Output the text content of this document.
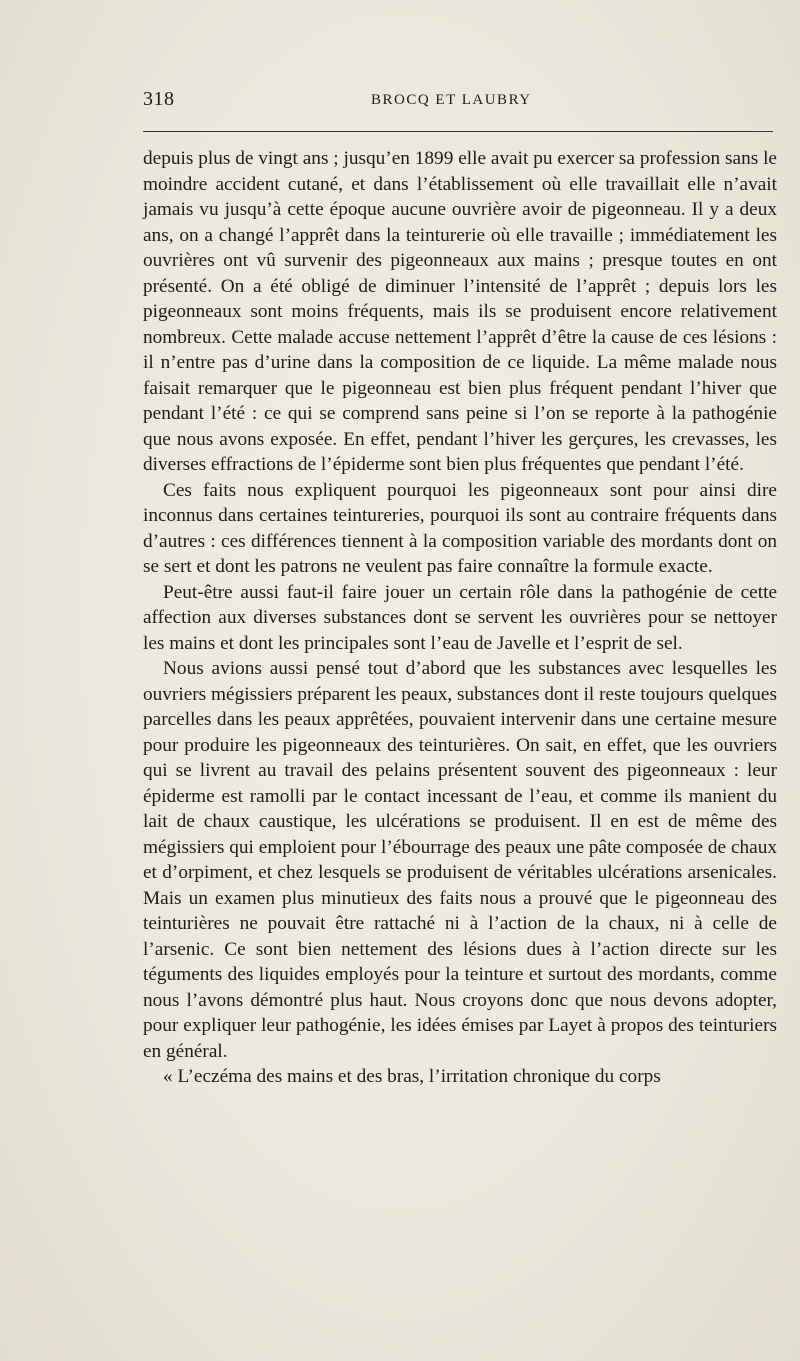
318	BROCQ ET LAUBRY

depuis plus de vingt ans ; jusqu’en 1899 elle avait pu exercer sa profession sans le moindre accident cutané, et dans l’établissement où elle travaillait elle n’avait jamais vu jusqu’à cette époque aucune ouvrière avoir de pigeonneau. Il y a deux ans, on a changé l’apprêt dans la teinturerie où elle travaille ; immédiatement les ouvrières ont vû survenir des pigeonneaux aux mains ; presque toutes en ont présenté. On a été obligé de diminuer l’intensité de l’apprêt ; depuis lors les pigeonneaux sont moins fréquents, mais ils se produisent encore relativement nombreux. Cette malade accuse nettement l’apprêt d’être la cause de ces lésions : il n’entre pas d’urine dans la composition de ce liquide. La même malade nous faisait remarquer que le pigeonneau est bien plus fréquent pendant l’hiver que pendant l’été : ce qui se comprend sans peine si l’on se reporte à la pathogénie que nous avons exposée. En effet, pendant l’hiver les gerçures, les crevasses, les diverses effractions de l’épiderme sont bien plus fréquentes que pendant l’été.

Ces faits nous expliquent pourquoi les pigeonneaux sont pour ainsi dire inconnus dans certaines teintureries, pourquoi ils sont au contraire fréquents dans d’autres : ces différences tiennent à la composition variable des mordants dont on se sert et dont les patrons ne veulent pas faire connaître la formule exacte.

Peut-être aussi faut-il faire jouer un certain rôle dans la pathogénie de cette affection aux diverses substances dont se servent les ouvrières pour se nettoyer les mains et dont les principales sont l’eau de Javelle et l’esprit de sel.

Nous avions aussi pensé tout d’abord que les substances avec lesquelles les ouvriers mégissiers préparent les peaux, substances dont il reste toujours quelques parcelles dans les peaux apprêtées, pouvaient intervenir dans une certaine mesure pour produire les pigeonneaux des teinturières. On sait, en effet, que les ouvriers qui se livrent au travail des pelains présentent souvent des pigeonneaux : leur épiderme est ramolli par le contact incessant de l’eau, et comme ils manient du lait de chaux caustique, les ulcérations se produisent. Il en est de même des mégissiers qui emploient pour l’ébourrage des peaux une pâte composée de chaux et d’orpiment, et chez lesquels se produisent de véritables ulcérations arsenicales. Mais un examen plus minutieux des faits nous a prouvé que le pigeonneau des teinturières ne pouvait être rattaché ni à l’action de la chaux, ni à celle de l’arsenic. Ce sont bien nettement des lésions dues à l’action directe sur les téguments des liquides employés pour la teinture et surtout des mordants, comme nous l’avons démontré plus haut. Nous croyons donc que nous devons adopter, pour expliquer leur pathogénie, les idées émises par Layet à propos des teinturiers en général.

« L’eczéma des mains et des bras, l’irritation chronique du corps
